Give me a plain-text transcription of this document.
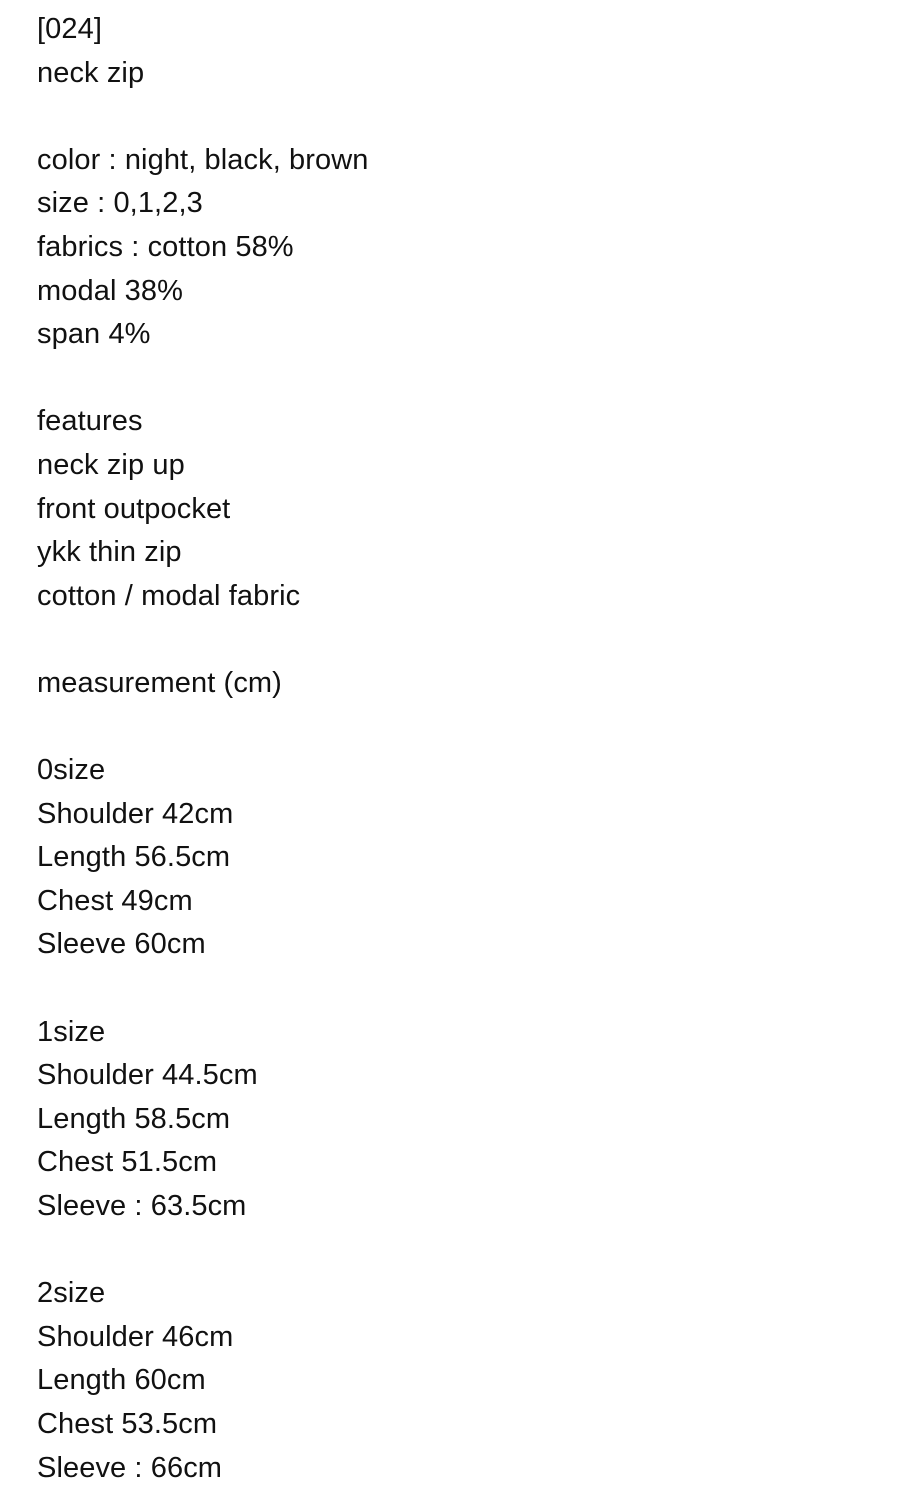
[024]
neck zip
color : night, black, brown
size : 0,1,2,3
fabrics : cotton 58%
modal 38%
span 4%
features
neck zip up
front outpocket
ykk thin zip
cotton / modal fabric
measurement (cm)
0size
Shoulder 42cm
Length 56.5cm
Chest 49cm
Sleeve 60cm
1size
Shoulder 44.5cm
Length 58.5cm
Chest 51.5cm
Sleeve : 63.5cm
2size
Shoulder 46cm
Length 60cm
Chest 53.5cm
Sleeve : 66cm
